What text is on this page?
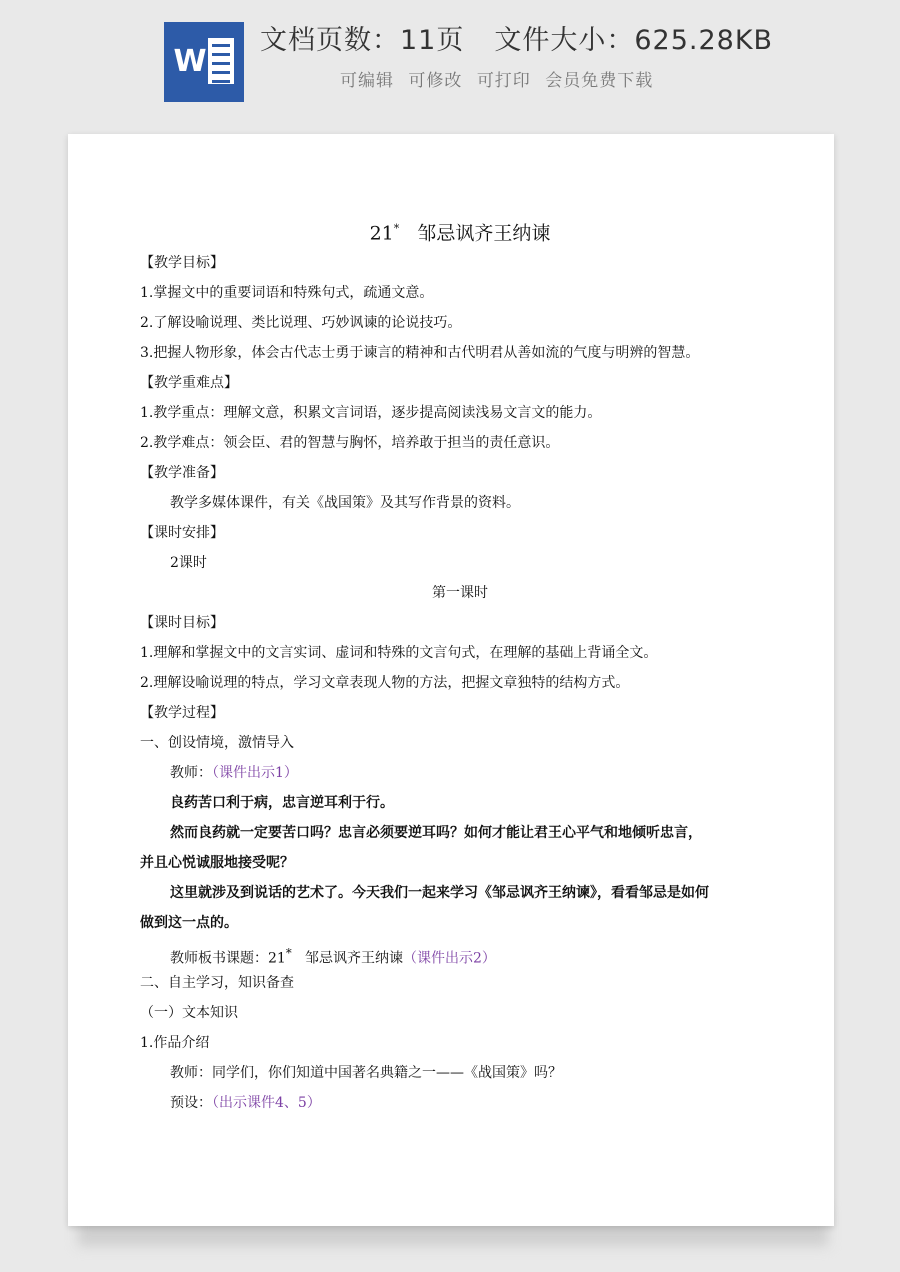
W
文档页数：11页 文件大小：625.28KB
可编辑 可修改 可打印 会员免费下载
21* 邹忌讽齐王纳谏
【教学目标】
1.掌握文中的重要词语和特殊句式，疏通文意。
2.了解设喻说理、类比说理、巧妙讽谏的论说技巧。
3.把握人物形象，体会古代志士勇于谏言的精神和古代明君从善如流的气度与明辨的智慧。
【教学重难点】
1.教学重点：理解文意，积累文言词语，逐步提高阅读浅易文言文的能力。
2.教学难点：领会臣、君的智慧与胸怀，培养敢于担当的责任意识。
【教学准备】
教学多媒体课件，有关《战国策》及其写作背景的资料。
【课时安排】
2课时
第一课时
【课时目标】
1.理解和掌握文中的文言实词、虚词和特殊的文言句式，在理解的基础上背诵全文。
2.理解设喻说理的特点，学习文章表现人物的方法，把握文章独特的结构方式。
【教学过程】
一、创设情境，激情导入
教师：（课件出示1）
良药苦口利于病，忠言逆耳利于行。
然而良药就一定要苦口吗？忠言必须要逆耳吗？如何才能让君王心平气和地倾听忠言，
并且心悦诚服地接受呢？
这里就涉及到说话的艺术了。今天我们一起来学习《邹忌讽齐王纳谏》，看看邹忌是如何
做到这一点的。
教师板书课题：21* 邹忌讽齐王纳谏（课件出示2）
二、自主学习，知识备查
（一）文本知识
1.作品介绍
教师：同学们，你们知道中国著名典籍之一——《战国策》吗？
预设：（出示课件4、5）
